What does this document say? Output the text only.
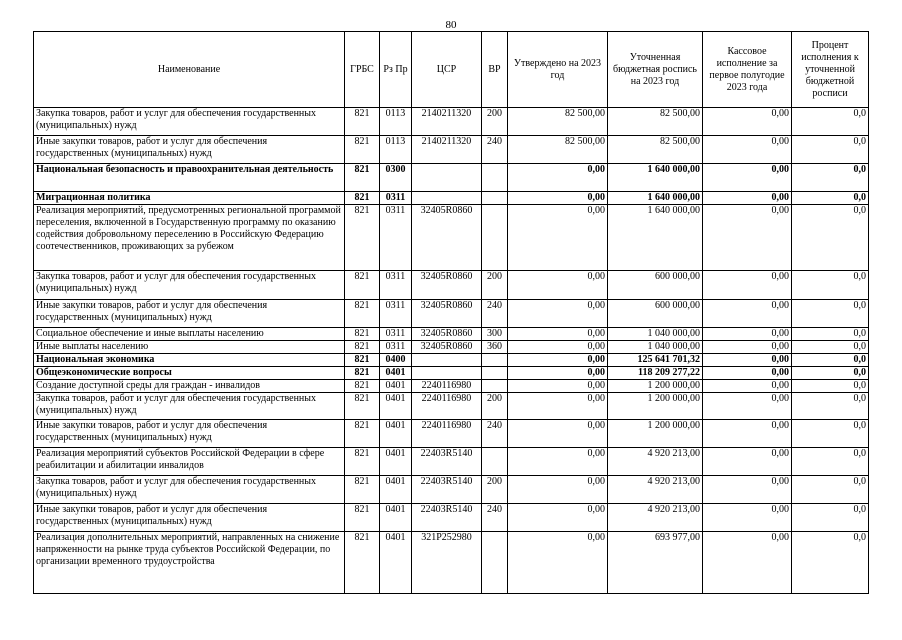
80
Наименование	ГРБС	Рз Пр	ЦСР	ВР	Утверждено на 2023 год	Уточненная бюджетная роспись на 2023 год	Кассовое исполнение за первое полугодие 2023 года	Процент исполнения к уточненной бюджетной росписи
Закупка товаров, работ и услуг для обеспечения государственных (муниципальных) нужд	821	0113	2140211320	200	82 500,00	82 500,00	0,00	0,0
Иные закупки товаров, работ и услуг для обеспечения государственных (муниципальных) нужд	821	0113	2140211320	240	82 500,00	82 500,00	0,00	0,0
Национальная безопасность и правоохранительная деятельность	821	0300			0,00	1 640 000,00	0,00	0,0
Миграционная политика	821	0311			0,00	1 640 000,00	0,00	0,0
Реализация мероприятий, предусмотренных региональной программой переселения, включенной в Государственную программу по оказанию содействия добровольному переселению в Российскую Федерацию соотечественников, проживающих за рубежом	821	0311	32405R0860		0,00	1 640 000,00	0,00	0,0
Закупка товаров, работ и услуг для обеспечения государственных (муниципальных) нужд	821	0311	32405R0860	200	0,00	600 000,00	0,00	0,0
Иные закупки товаров, работ и услуг для обеспечения государственных (муниципальных) нужд	821	0311	32405R0860	240	0,00	600 000,00	0,00	0,0
Социальное обеспечение и иные выплаты населению	821	0311	32405R0860	300	0,00	1 040 000,00	0,00	0,0
Иные выплаты населению	821	0311	32405R0860	360	0,00	1 040 000,00	0,00	0,0
Национальная экономика	821	0400			0,00	125 641 701,32	0,00	0,0
Общеэкономические вопросы	821	0401			0,00	118 209 277,22	0,00	0,0
Создание доступной среды для граждан - инвалидов	821	0401	2240116980		0,00	1 200 000,00	0,00	0,0
Закупка товаров, работ и услуг для обеспечения государственных (муниципальных) нужд	821	0401	2240116980	200	0,00	1 200 000,00	0,00	0,0
Иные закупки товаров, работ и услуг для обеспечения государственных (муниципальных) нужд	821	0401	2240116980	240	0,00	1 200 000,00	0,00	0,0
Реализация мероприятий субъектов Российской Федерации в сфере реабилитации и абилитации инвалидов	821	0401	22403R5140		0,00	4 920 213,00	0,00	0,0
Закупка товаров, работ и услуг для обеспечения государственных (муниципальных) нужд	821	0401	22403R5140	200	0,00	4 920 213,00	0,00	0,0
Иные закупки товаров, работ и услуг для обеспечения государственных (муниципальных) нужд	821	0401	22403R5140	240	0,00	4 920 213,00	0,00	0,0
Реализация дополнительных мероприятий, направленных на снижение напряженности на рынке труда субъектов Российской Федерации, по организации временного трудоустройства	821	0401	321P252980		0,00	693 977,00	0,00	0,0
